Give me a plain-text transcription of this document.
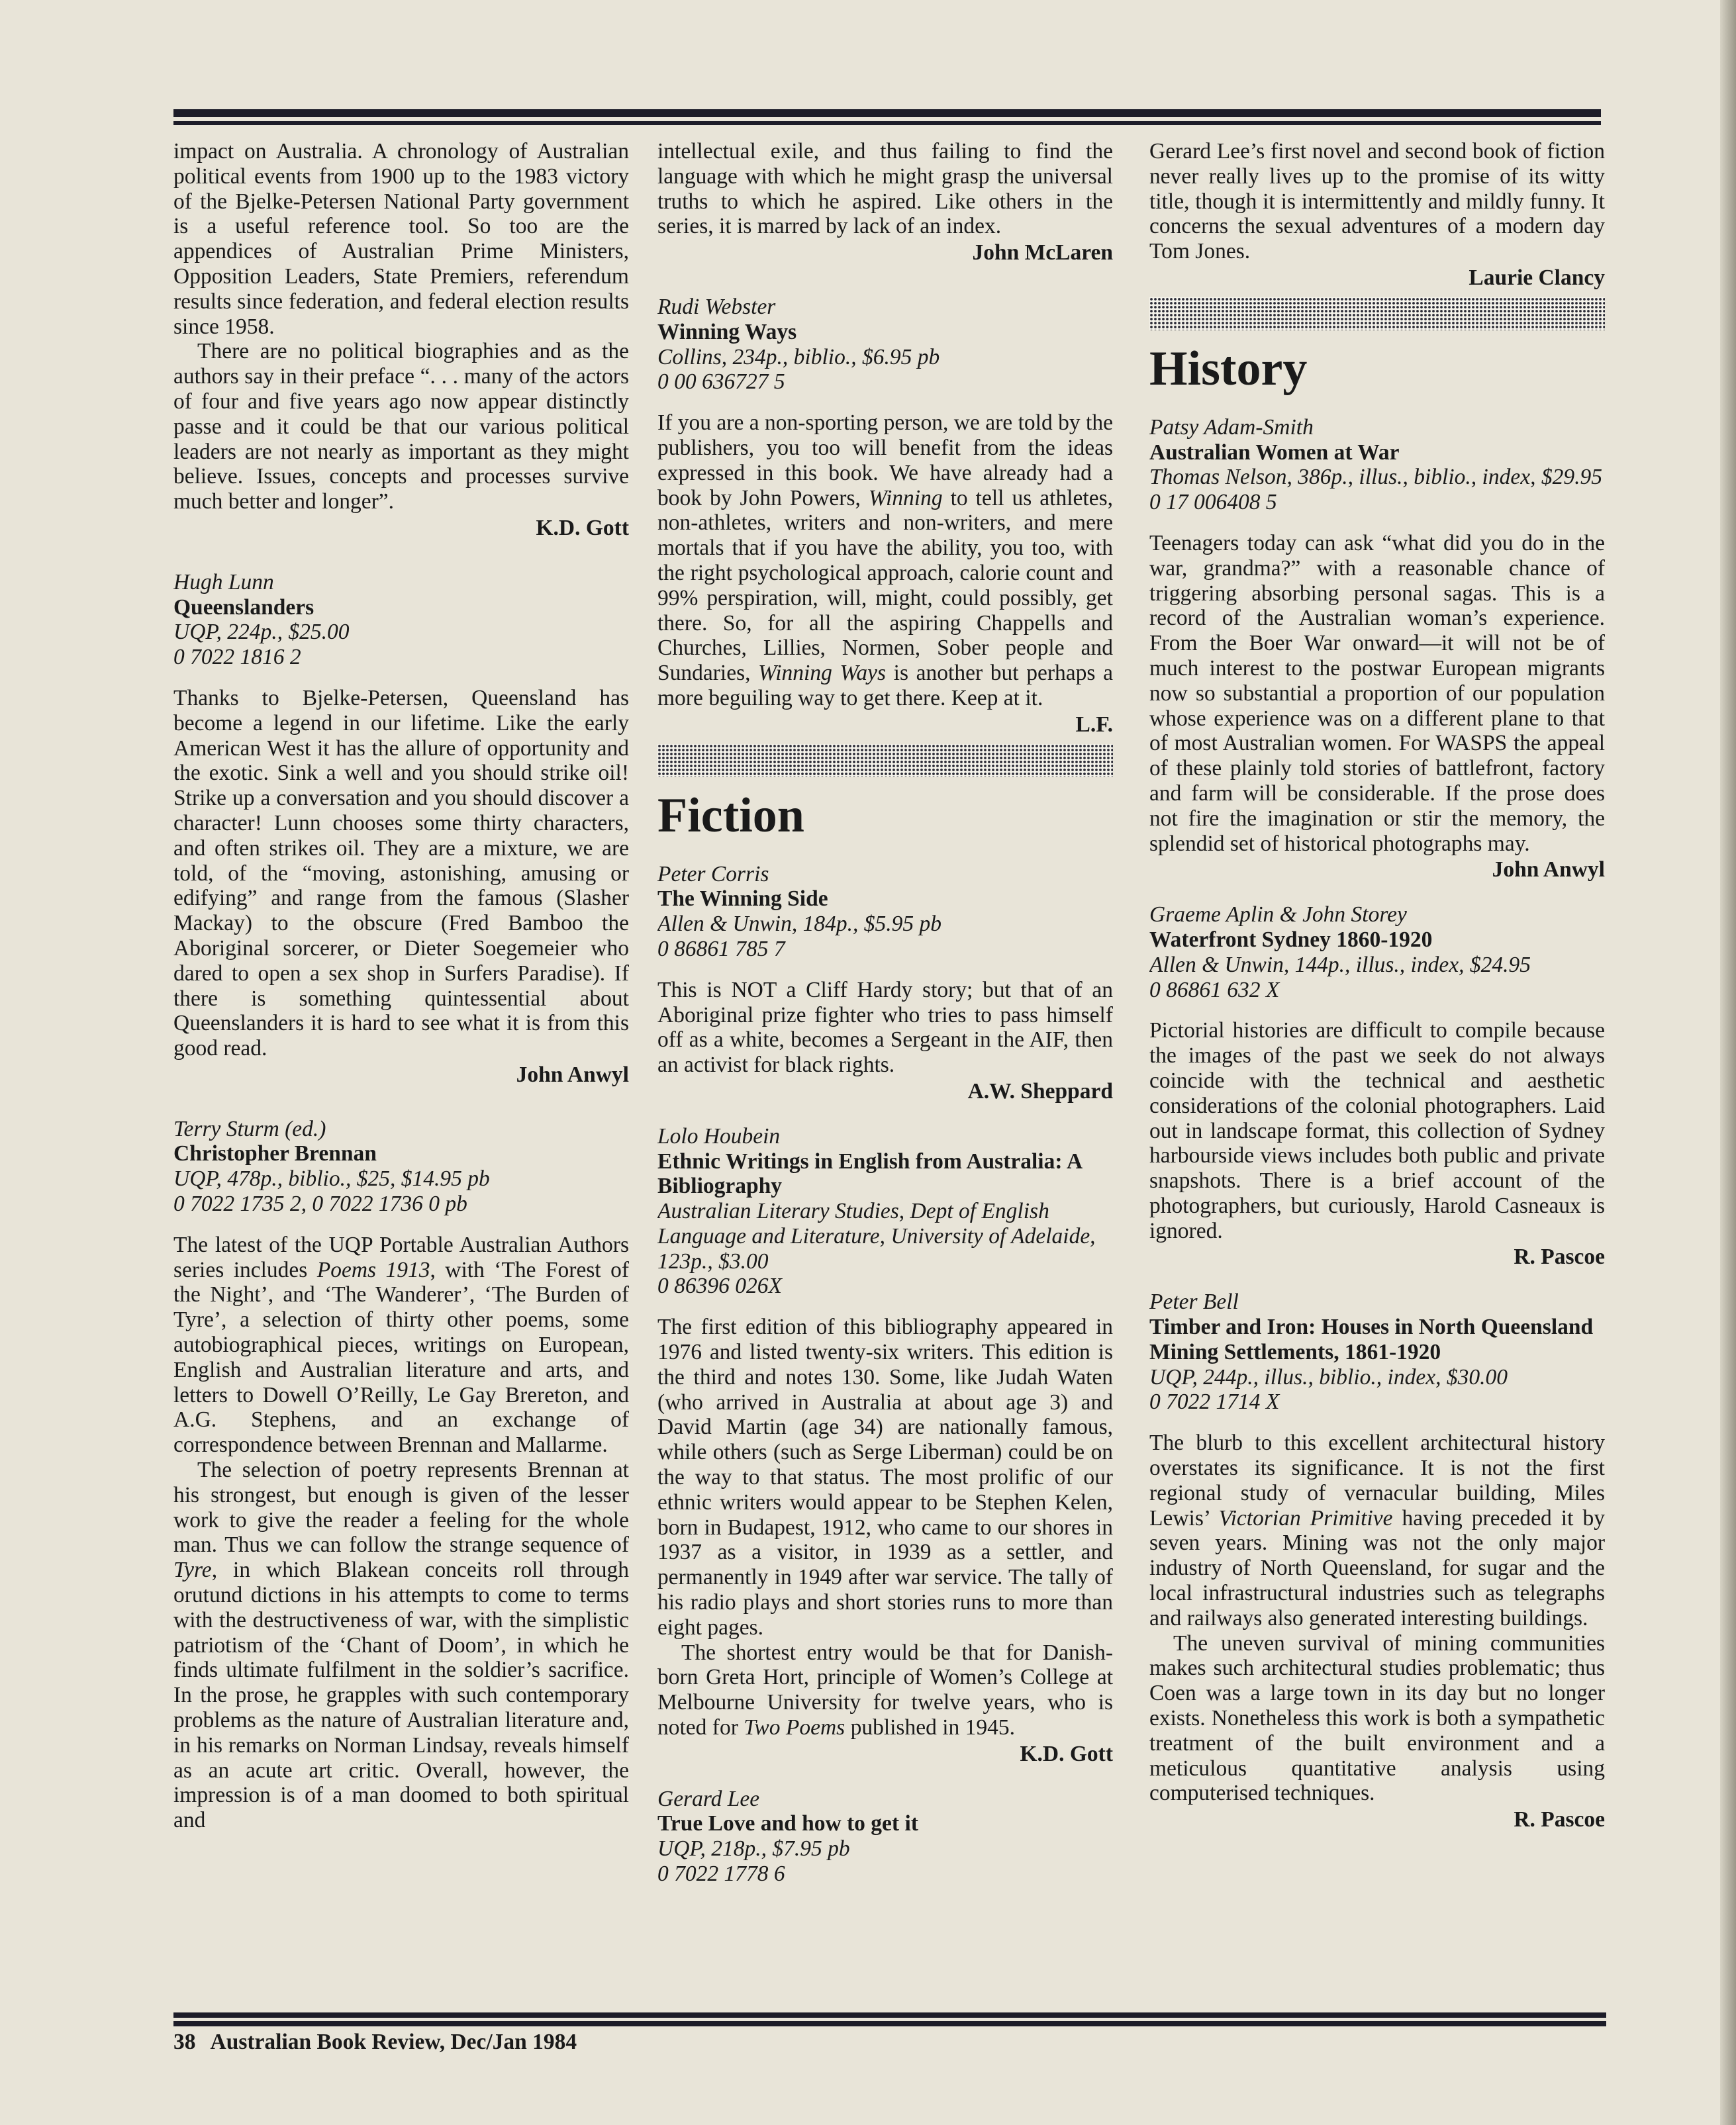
impact on Australia. A chronology of Australian political events from 1900 up to the 1983 victory of the Bjelke-Petersen National Party government is a useful reference tool. So too are the appendices of Australian Prime Ministers, Opposition Leaders, State Premiers, referendum results since federation, and federal election results since 1958.

There are no political biographies and as the authors say in their preface “. . . many of the actors of four and five years ago now appear distinctly passe and it could be that our various political leaders are not nearly as important as they might believe. Issues, concepts and processes survive much better and longer”.

K.D. Gott
Hugh Lunn
Queenslanders
UQP, 224p., $25.00
0 7022 1816 2

Thanks to Bjelke-Petersen, Queensland has become a legend in our lifetime. Like the early American West it has the allure of opportunity and the exotic. Sink a well and you should strike oil! Strike up a conversation and you should discover a character! Lunn chooses some thirty characters, and often strikes oil. They are a mixture, we are told, of the “moving, astonishing, amusing or edifying” and range from the famous (Slasher Mackay) to the obscure (Fred Bamboo the Aboriginal sorcerer, or Dieter Soegemeier who dared to open a sex shop in Surfers Paradise). If there is something quintessential about Queenslanders it is hard to see what it is from this good read.

John Anwyl
Terry Sturm (ed.)
Christopher Brennan
UQP, 478p., biblio., $25, $14.95 pb
0 7022 1735 2, 0 7022 1736 0 pb

The latest of the UQP Portable Australian Authors series includes Poems 1913, with ‘The Forest of the Night’, and ‘The Wanderer’, ‘The Burden of Tyre’, a selection of thirty other poems, some autobiographical pieces, writings on European, English and Australian literature and arts, and letters to Dowell O’Reilly, Le Gay Brereton, and A.G. Stephens, and an exchange of correspondence between Brennan and Mallarme.

The selection of poetry represents Brennan at his strongest, but enough is given of the lesser work to give the reader a feeling for the whole man. Thus we can follow the strange sequence of Tyre, in which Blakean conceits roll through orutund dictions in his attempts to come to terms with the destructiveness of war, with the simplistic patriotism of the ‘Chant of Doom’, in which he finds ultimate fulfilment in the soldier’s sacrifice. In the prose, he grapples with such contemporary problems as the nature of Australian literature and, in his remarks on Norman Lindsay, reveals himself as an acute art critic. Overall, however, the impression is of a man doomed to both spiritual and

intellectual exile, and thus failing to find the language with which he might grasp the universal truths to which he aspired. Like others in the series, it is marred by lack of an index.

John McLaren
Rudi Webster
Winning Ways
Collins, 234p., biblio., $6.95 pb
0 00 636727 5

If you are a non-sporting person, we are told by the publishers, you too will benefit from the ideas expressed in this book. We have already had a book by John Powers, Winning to tell us athletes, non-athletes, writers and non-writers, and mere mortals that if you have the ability, you too, with the right psychological approach, calorie count and 99% perspiration, will, might, could possibly, get there. So, for all the aspiring Chappells and Churches, Lillies, Normen, Sober people and Sundaries, Winning Ways is another but perhaps a more beguiling way to get there. Keep at it.

L.F.
Fiction
Peter Corris
The Winning Side
Allen & Unwin, 184p., $5.95 pb
0 86861 785 7

This is NOT a Cliff Hardy story; but that of an Aboriginal prize fighter who tries to pass himself off as a white, becomes a Sergeant in the AIF, then an activist for black rights.

A.W. Sheppard
Lolo Houbein
Ethnic Writings in English from Australia: A Bibliography
Australian Literary Studies, Dept of English Language and Literature, University of Adelaide, 123p., $3.00
0 86396 026X

The first edition of this bibliography appeared in 1976 and listed twenty-six writers. This edition is the third and notes 130. Some, like Judah Waten (who arrived in Australia at about age 3) and David Martin (age 34) are nationally famous, while others (such as Serge Liberman) could be on the way to that status. The most prolific of our ethnic writers would appear to be Stephen Kelen, born in Budapest, 1912, who came to our shores in 1937 as a visitor, in 1939 as a settler, and permanently in 1949 after war service. The tally of his radio plays and short stories runs to more than eight pages.

The shortest entry would be that for Danish-born Greta Hort, principle of Women’s College at Melbourne University for twelve years, who is noted for Two Poems published in 1945.

K.D. Gott
Gerard Lee
True Love and how to get it
UQP, 218p., $7.95 pb
0 7022 1778 6

Gerard Lee’s first novel and second book of fiction never really lives up to the promise of its witty title, though it is intermittently and mildly funny. It concerns the sexual adventures of a modern day Tom Jones.

Laurie Clancy
History
Patsy Adam-Smith
Australian Women at War
Thomas Nelson, 386p., illus., biblio., index, $29.95
0 17 006408 5

Teenagers today can ask “what did you do in the war, grandma?” with a reasonable chance of triggering absorbing personal sagas. This is a record of the Australian woman’s experience. From the Boer War onward—it will not be of much interest to the postwar European migrants now so substantial a proportion of our population whose experience was on a different plane to that of most Australian women. For WASPS the appeal of these plainly told stories of battlefront, factory and farm will be considerable. If the prose does not fire the imagination or stir the memory, the splendid set of historical photographs may.

John Anwyl
Graeme Aplin & John Storey
Waterfront Sydney 1860-1920
Allen & Unwin, 144p., illus., index, $24.95
0 86861 632 X

Pictorial histories are difficult to compile because the images of the past we seek do not always coincide with the technical and aesthetic considerations of the colonial photographers. Laid out in landscape format, this collection of Sydney harbourside views includes both public and private snapshots. There is a brief account of the photographers, but curiously, Harold Casneaux is ignored.

R. Pascoe
Peter Bell
Timber and Iron: Houses in North Queensland Mining Settlements, 1861-1920
UQP, 244p., illus., biblio., index, $30.00
0 7022 1714 X

The blurb to this excellent architectural history overstates its significance. It is not the first regional study of vernacular building, Miles Lewis’ Victorian Primitive having preceded it by seven years. Mining was not the only major industry of North Queensland, for sugar and the local infrastructural industries such as telegraphs and railways also generated interesting buildings.

The uneven survival of mining communities makes such architectural studies problematic; thus Coen was a large town in its day but no longer exists. Nonetheless this work is both a sympathetic treatment of the built environment and a meticulous quantitative analysis using computerised techniques.

R. Pascoe
38 Australian Book Review, Dec/Jan 1984
